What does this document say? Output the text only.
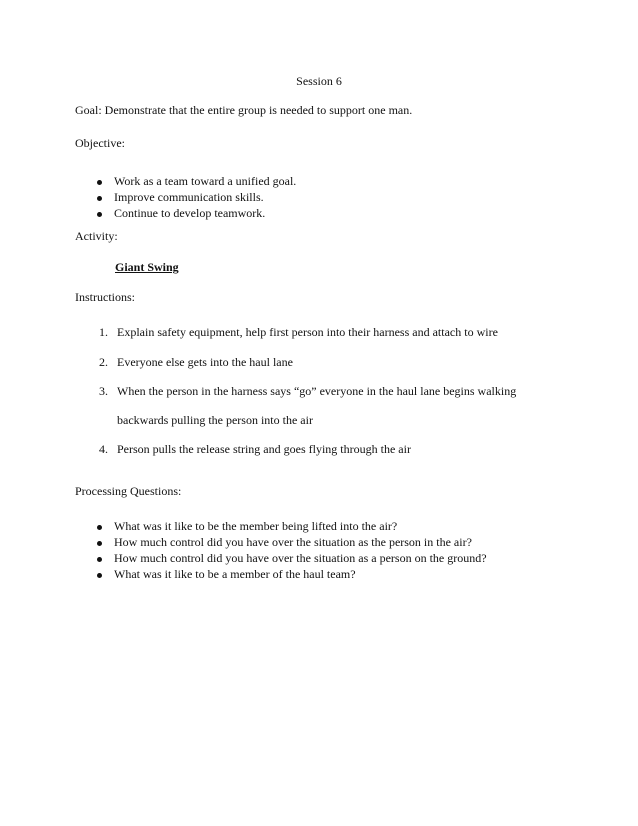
Session 6
Goal: Demonstrate that the entire group is needed to support one man.
Objective:
Work as a team toward a unified goal.
Improve communication skills.
Continue to develop teamwork.
Activity:
Giant Swing
Instructions:
1. Explain safety equipment, help first person into their harness and attach to wire
2. Everyone else gets into the haul lane
3. When the person in the harness says “go” everyone in the haul lane begins walking
backwards pulling the person into the air
4. Person pulls the release string and goes flying through the air
Processing Questions:
What was it like to be the member being lifted into the air?
How much control did you have over the situation as the person in the air?
How much control did you have over the situation as a person on the ground?
What was it like to be a member of the haul team?
